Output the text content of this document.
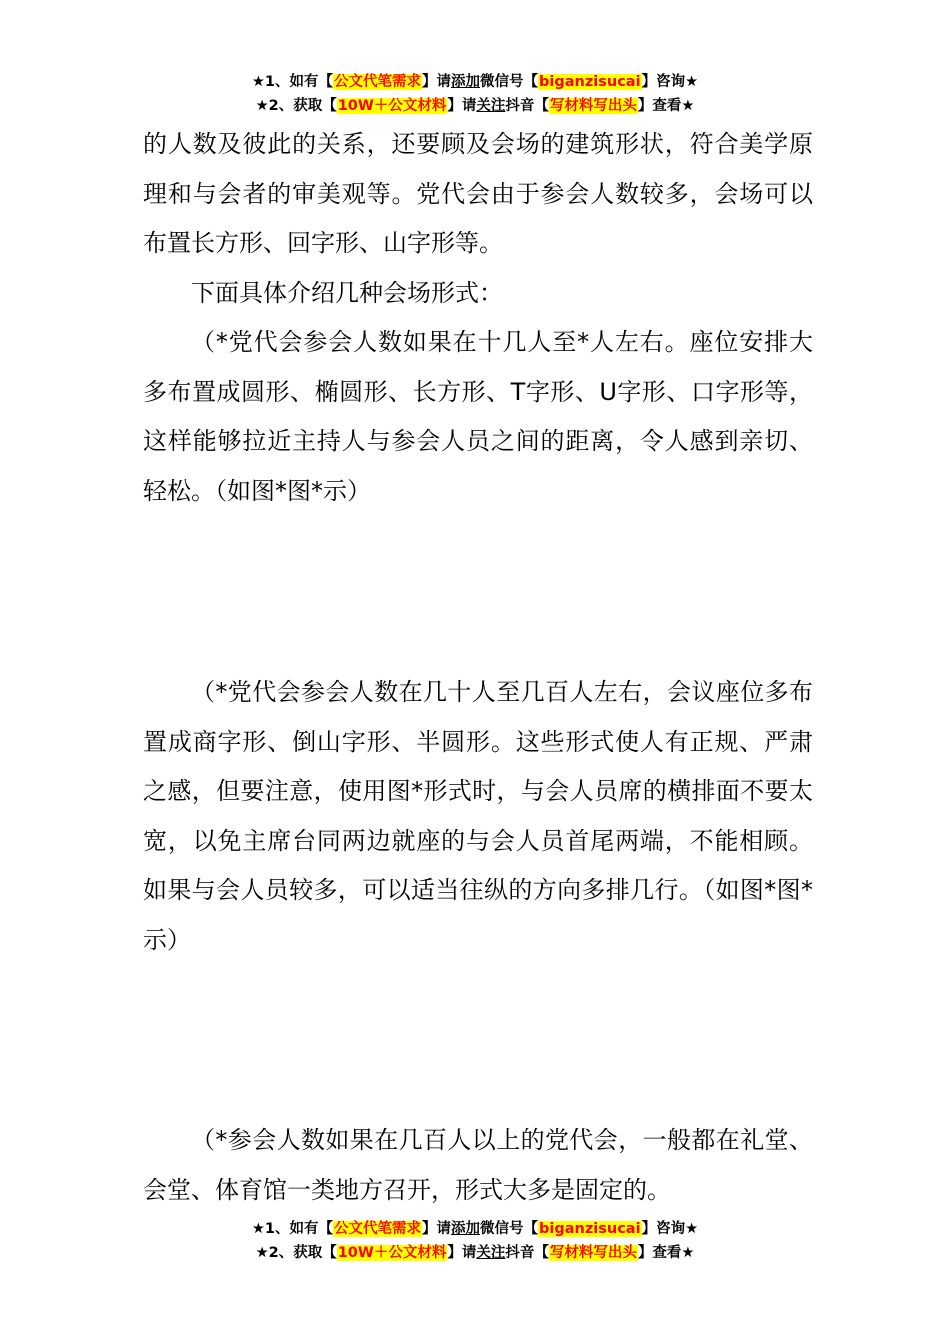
★1、如有【公文代笔需求】请添加微信号【biganzisucai】咨询★
★2、获取【10W＋公文材料】请关注抖音【写材料写出头】查看★

的人数及彼此的关系，还要顾及会场的建筑形状，符合美学原理和与会者的审美观等。党代会由于参会人数较多，会场可以布置长方形、回字形、山字形等。

下面具体介绍几种会场形式：

（*党代会参会人数如果在十几人至*人左右。座位安排大多布置成圆形、椭圆形、长方形、T字形、U字形、口字形等，这样能够拉近主持人与参会人员之间的距离，令人感到亲切、轻松。（如图*图*示）

（*党代会参会人数在几十人至几百人左右，会议座位多布置成商字形、倒山字形、半圆形。这些形式使人有正规、严肃之感，但要注意，使用图*形式时，与会人员席的横排面不要太宽，以免主席台同两边就座的与会人员首尾两端，不能相顾。如果与会人员较多，可以适当往纵的方向多排几行。（如图*图*示）

（*参会人数如果在几百人以上的党代会，一般都在礼堂、会堂、体育馆一类地方召开，形式大多是固定的。

★1、如有【公文代笔需求】请添加微信号【biganzisucai】咨询★
★2、获取【10W＋公文材料】请关注抖音【写材料写出头】查看★
